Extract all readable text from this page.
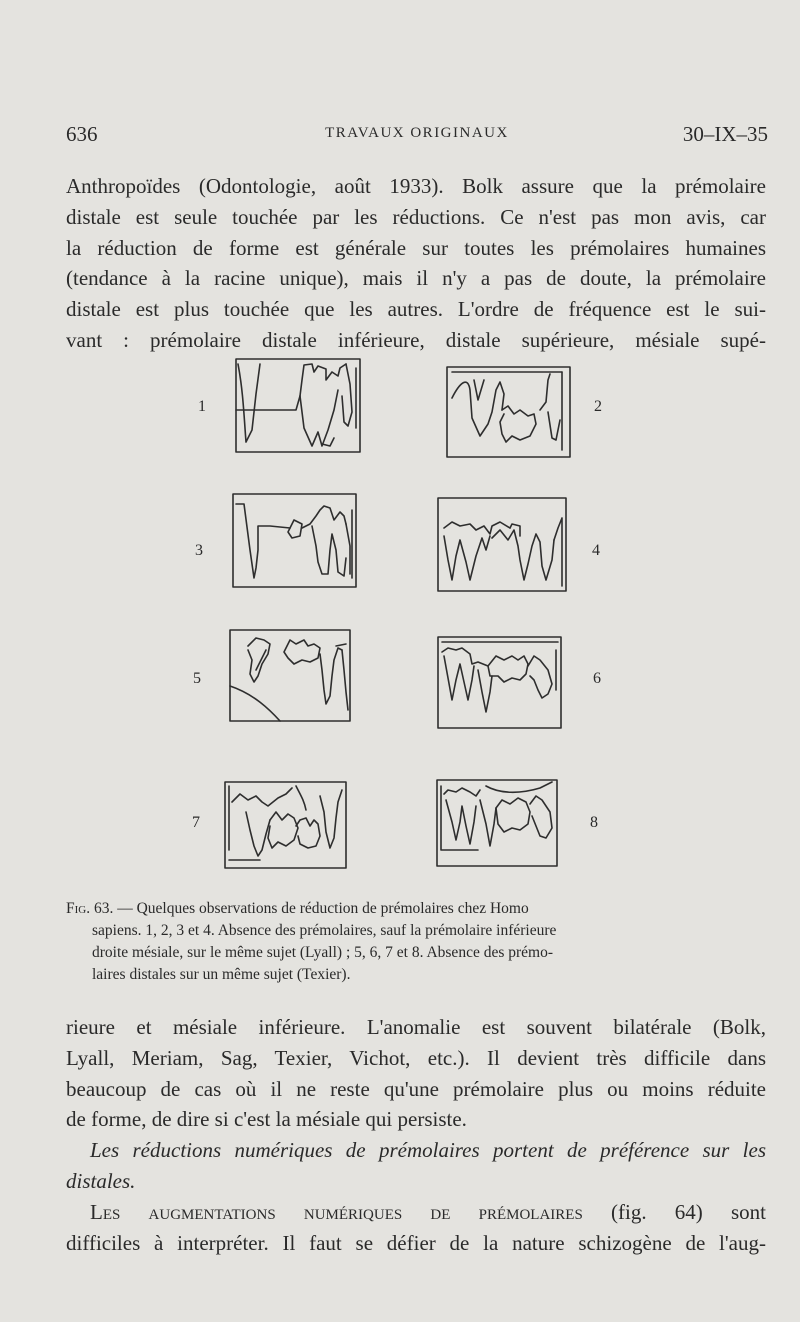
636	TRAVAUX ORIGINAUX	30–IX–35
Anthropoïdes (Odontologie, août 1933). Bolk assure que la prémolaire
distale est seule touchée par les réductions. Ce n'est pas mon avis, car
la réduction de forme est générale sur toutes les prémolaires humaines
(tendance à la racine unique), mais il n'y a pas de doute, la prémolaire
distale est plus touchée que les autres. L'ordre de fréquence est le sui-
vant : prémolaire distale inférieure, distale supérieure, mésiale supé-
1	2
3	4
5	6
7	8
Fig. 63. — Quelques observations de réduction de prémolaires chez Homo
sapiens. 1, 2, 3 et 4. Absence des prémolaires, sauf la prémolaire inférieure
droite mésiale, sur le même sujet (Lyall) ; 5, 6, 7 et 8. Absence des prémo-
laires distales sur un même sujet (Texier).
rieure et mésiale inférieure. L'anomalie est souvent bilatérale (Bolk,
Lyall, Meriam, Sag, Texier, Vichot, etc.). Il devient très difficile dans
beaucoup de cas où il ne reste qu'une prémolaire plus ou moins réduite
de forme, de dire si c'est la mésiale qui persiste.
Les réductions numériques de prémolaires portent de préférence sur les
distales.
Les augmentations numériques de prémolaires (fig. 64) sont
difficiles à interpréter. Il faut se défier de la nature schizogène de l'aug-
